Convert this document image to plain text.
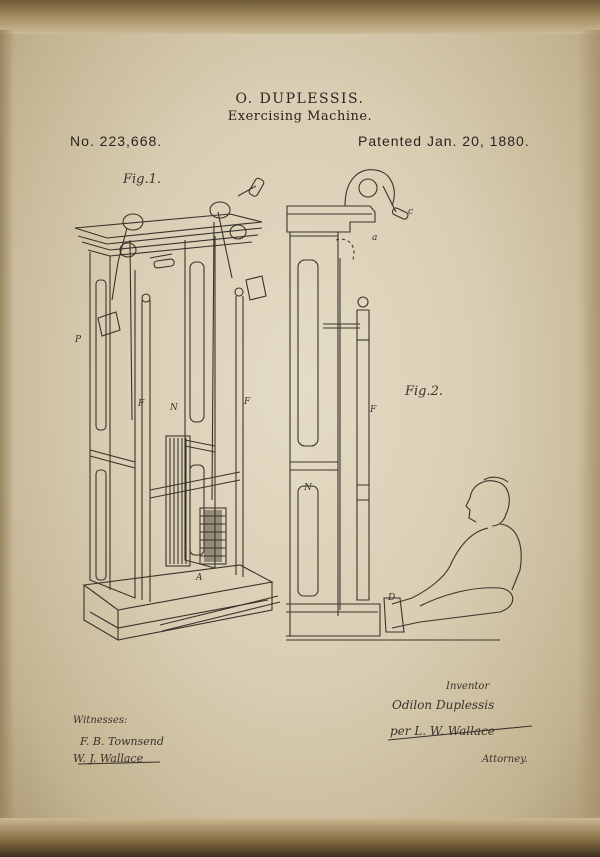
P
N
F
F
A
a
c
F
N
D
O. DUPLESSIS.
Exercising Machine.
No. 223,668.	Patented Jan. 20, 1880.
Fig.1.
Fig.2.
Witnesses:
F. B. Townsend
W. J. Wallace
Inventor
Odilon Duplessis
per L. W. Wallace
Attorney.
